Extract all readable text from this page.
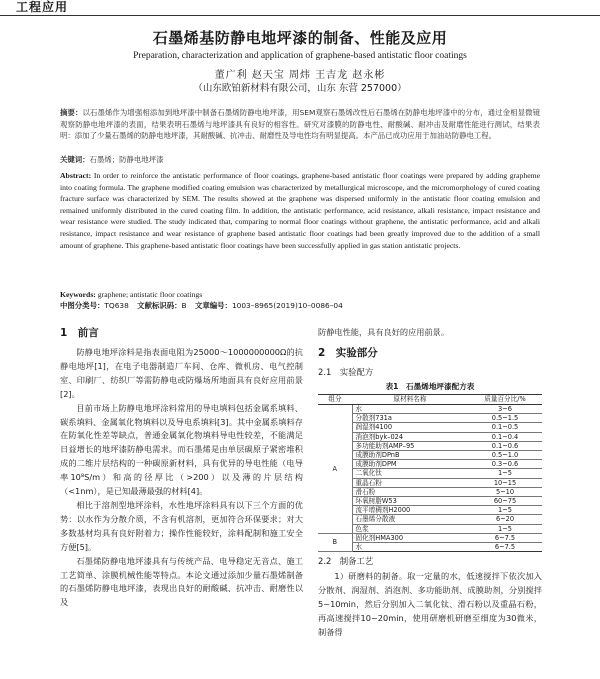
工程应用
石墨烯基防静电地坪漆的制备、性能及应用
Preparation, characterization and application of graphene-based antistatic floor coatings
董广利 赵天宝 周炜 王吉龙 赵永彬
（山东欧铂新材料有限公司，山东 东营 257000）
摘要：以石墨烯作为增强相添加到地坪漆中制备石墨烯防静电地坪漆，用SEM观察石墨烯改性后石墨烯在防静电地坪漆中的分布，通过金相显微镜观察防静电地坪漆的表面，结果表明石墨烯与地坪漆具有良好的相容性。研究对漆膜的防静电性、耐酸碱、耐冲击及耐磨性能进行测试，结果表明：添加了少量石墨烯的防静电地坪漆，其耐酸碱、抗冲击、耐磨性及导电性均有明显提高。本产品已成功应用于加油站防静电工程。
关键词：石墨烯；防静电地坪漆
Abstract: In order to reinforce the antistatic performance of floor coatings, graphene-based antistatic floor coatings were prepared by adding grapheme into coating formula. The graphene modified coating emulsion was characterized by metallurgical microscope, and the micromorphology of cured coating fracture surface was characterized by SEM. The results showed at the graphene was dispersed uniformly in the antistatic floor coating emulsion and remained uniformly distributed in the cured coating film. In addition, the antistatic performance, acid resistance, alkali resistance, impact resistance and wear resistance were studied. The study indicated that, comparing to normal floor coatings without graphene, the antistatic performance, acid and alkali resistance, impact resistance and wear resistance of graphene based antistatic floor coatings had been greatly improved due to the addition of a small amount of graphene. This graphene-based antistatic floor coatings have been successfully applied in gas station antistatic projects.
Keywords: graphene; antistatic floor coatings
中图分类号：TQ638 文献标识码：B 文章编号：1003–8965(2019)10–0086–04

1　前言

防静电地坪涂料是指表面电阻为25000～1000000000Ω的抗静电地坪[1]，在电子电器制造厂车间、仓库、微机房、电气控制室、印刷厂、纺织厂等需防静电或防爆场所地面具有良好应用前景[2]。

目前市场上防静电地坪涂料常用的导电填料包括金属系填料、碳系填料、金属氧化物填料以及导电系填料[3]。其中金属系填料存在防氧化性差等缺点，普通金属氧化物填料导电性较差，不能满足日益增长的地坪漆防静电需求。而石墨烯是由单层碳原子紧密堆积成的二维片层结构的一种碳原新材料，具有优异的导电性能（电导率10⁸S/m）和高的径厚比（>200）以及薄的片层结构（<1nm），是已知最薄最强的材料[4]。

相比于溶剂型地坪涂料，水性地坪涂料具有以下三个方面的优势：以水作为分散介质，不含有机溶剂，更加符合环保要求；对大多数基材均具有良好附着力；操作性能较好，涂料配制和施工安全方便[5]。

石墨烯防静电地坪漆具有与传统产品、电导稳定无音点、施工工艺简单、涂膜机械性能等特点。本论文通过添加少量石墨烯制备的石墨烯防静电地坪漆，表现出良好的耐酸碱、抗冲击、耐磨性以及

防静电性能，具有良好的应用前景。

2　实验部分

2.1　实验配方

表1　石墨烯地坪漆配方表
组分	原材料名称	质量百分比/%
A	水	3~6
	分散剂731a	0.5~1.5
	润湿剂4100	0.1~0.5
	消泡剂byk–024	0.1~0.4
	多功能助剂AMP–95	0.1~0.6
	成膜助剂DPnB	0.5~1.0
	成膜助剂DPM	0.3~0.6
	二氧化钛	1~5
	重晶石粉	10~15
	滑石粉	5~10
	环氧树脂W53	60~75
	流平增稠剂H2000	1~5
	石墨烯分散液	6~20
	色浆	1~5
B	固化剂HMA300	6~7.5
	水	6~7.5

2.2　制备工艺

1）研磨料的制备。取一定量的水，低速搅拌下依次加入分散剂、润湿剂、消泡剂、多功能助剂、成膜助剂，分别搅拌5~10min，然后分别加入二氧化钛、滑石粉以及重晶石粉，再高速搅拌10~20min，使用研磨机研磨至细度为30微米，制备得
